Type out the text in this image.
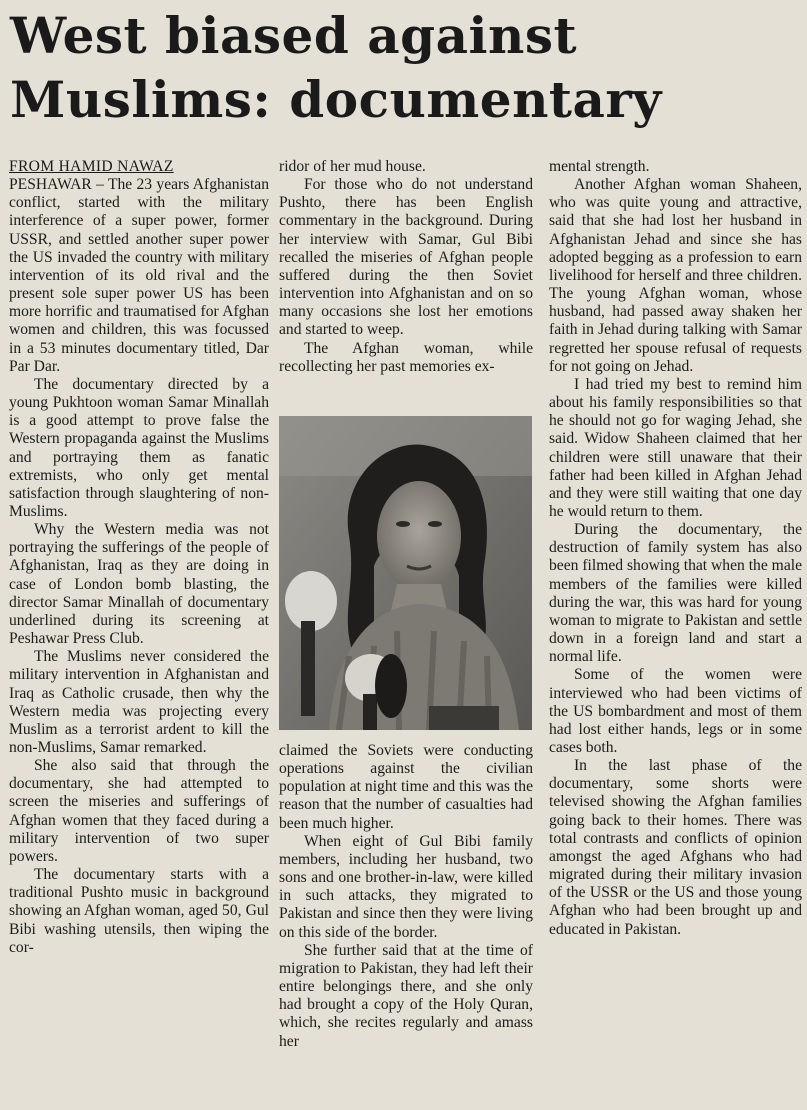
West biased against
Muslims: documentary

FROM HAMID NAWAZ

PESHAWAR – The 23 years Afghanistan conflict, started with the military interference of a super power, former USSR, and settled another super power the US invaded the country with military intervention of its old rival and the present sole super power US has been more horrific and traumatised for Afghan women and children, this was focussed in a 53 minutes documentary titled, Dar Par Dar.

The documentary directed by a young Pukhtoon woman Samar Minallah is a good attempt to prove false the Western propaganda against the Muslims and portraying them as fanatic extremists, who only get mental satisfaction through slaughtering of non-Muslims.

Why the Western media was not portraying the sufferings of the people of Afghanistan, Iraq as they are doing in case of London bomb blasting, the director Samar Minallah of documentary underlined during its screening at Peshawar Press Club.

The Muslims never considered the military intervention in Afghanistan and Iraq as Catholic crusade, then why the Western media was projecting every Muslim as a terrorist ardent to kill the non-Muslims, Samar remarked.

She also said that through the documentary, she had attempted to screen the miseries and sufferings of Afghan women that they faced during a military intervention of two super powers.

The documentary starts with a traditional Pushto music in background showing an Afghan woman, aged 50, Gul Bibi washing utensils, then wiping the cor-

ridor of her mud house.

For those who do not understand Pushto, there has been English commentary in the background. During her interview with Samar, Gul Bibi recalled the miseries of Afghan people suffered during the then Soviet intervention into Afghanistan and on so many occasions she lost her emotions and started to weep.

The Afghan woman, while recollecting her past memories ex-

claimed the Soviets were conducting operations against the civilian population at night time and this was the reason that the number of casualties had been much higher.

When eight of Gul Bibi family members, including her husband, two sons and one brother-in-law, were killed in such attacks, they migrated to Pakistan and since then they were living on this side of the border.

She further said that at the time of migration to Pakistan, they had left their entire belongings there, and she only had brought a copy of the Holy Quran, which, she recites regularly and amass her

mental strength.

Another Afghan woman Shaheen, who was quite young and attractive, said that she had lost her husband in Afghanistan Jehad and since she has adopted begging as a profession to earn livelihood for herself and three children. The young Afghan woman, whose husband, had passed away shaken her faith in Jehad during talking with Samar regretted her spouse refusal of requests for not going on Jehad.

I had tried my best to remind him about his family responsibilities so that he should not go for waging Jehad, she said. Widow Shaheen claimed that her children were still unaware that their father had been killed in Afghan Jehad and they were still waiting that one day he would return to them.

During the documentary, the destruction of family system has also been filmed showing that when the male members of the families were killed during the war, this was hard for young woman to migrate to Pakistan and settle down in a foreign land and start a normal life.

Some of the women were interviewed who had been victims of the US bombardment and most of them had lost either hands, legs or in some cases both.

In the last phase of the documentary, some shorts were televised showing the Afghan families going back to their homes. There was total contrasts and conflicts of opinion amongst the aged Afghans who had migrated during their military invasion of the USSR or the US and those young Afghan who had been brought up and educated in Pakistan.
